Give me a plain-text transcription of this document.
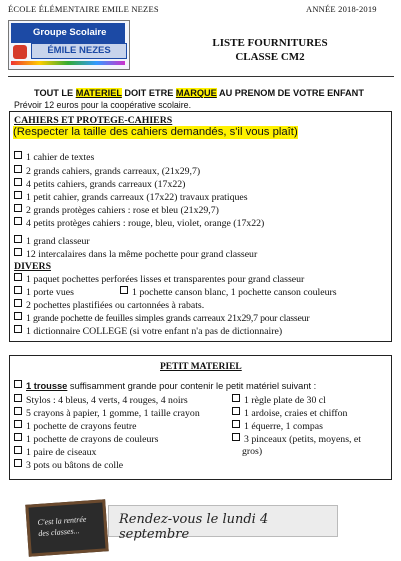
ÉCOLE ÉLÉMENTAIRE EMILE NEZES	ANNÉE 2018-2019
Groupe Scolaire
ÉMILE NEZES
LISTE FOURNITURES
CLASSE CM2
TOUT LE MATERIEL DOIT ETRE MARQUE AU PRENOM DE VOTRE ENFANT
Prévoir 12 euros pour la coopérative scolaire.
CAHIERS ET PROTEGE-CAHIERS
(Respecter la taille des cahiers demandés, s'il vous plaît)
1 cahier de textes
2 grands cahiers, grands carreaux, (21x29,7)
4 petits cahiers, grands carreaux (17x22)
1 petit cahier, grands carreaux (17x22) travaux pratiques
2 grands protèges cahiers : rose et bleu (21x29,7)
4 petits protèges cahiers : rouge, bleu, violet, orange (17x22)
1 grand classeur
12 intercalaires dans la même pochette pour grand classeur
DIVERS
1 paquet pochettes perforées lisses et transparentes pour grand classeur
1 porte vues	1 pochette canson blanc, 1 pochette canson couleurs
2 pochettes plastifiées ou cartonnées à rabats.
1 grande pochette de feuilles simples grands carreaux 21x29,7 pour classeur
1 dictionnaire COLLEGE (si votre enfant n'a pas de dictionnaire)
PETIT MATERIEL
1 trousse suffisamment grande pour contenir le petit matériel suivant :
Stylos : 4 bleus, 4 verts, 4 rouges, 4 noirs
5 crayons à papier, 1 gomme, 1 taille crayon
1 pochette de crayons feutre
1 pochette de crayons de couleurs
1 paire de ciseaux
3 pots ou bâtons de colle
1 règle plate de 30 cl
1 ardoise, craies et chiffon
1 équerre, 1 compas
3 pinceaux (petits, moyens, et
gros)
C'est la rentrée des classes...
Rendez-vous le lundi 4 septembre
